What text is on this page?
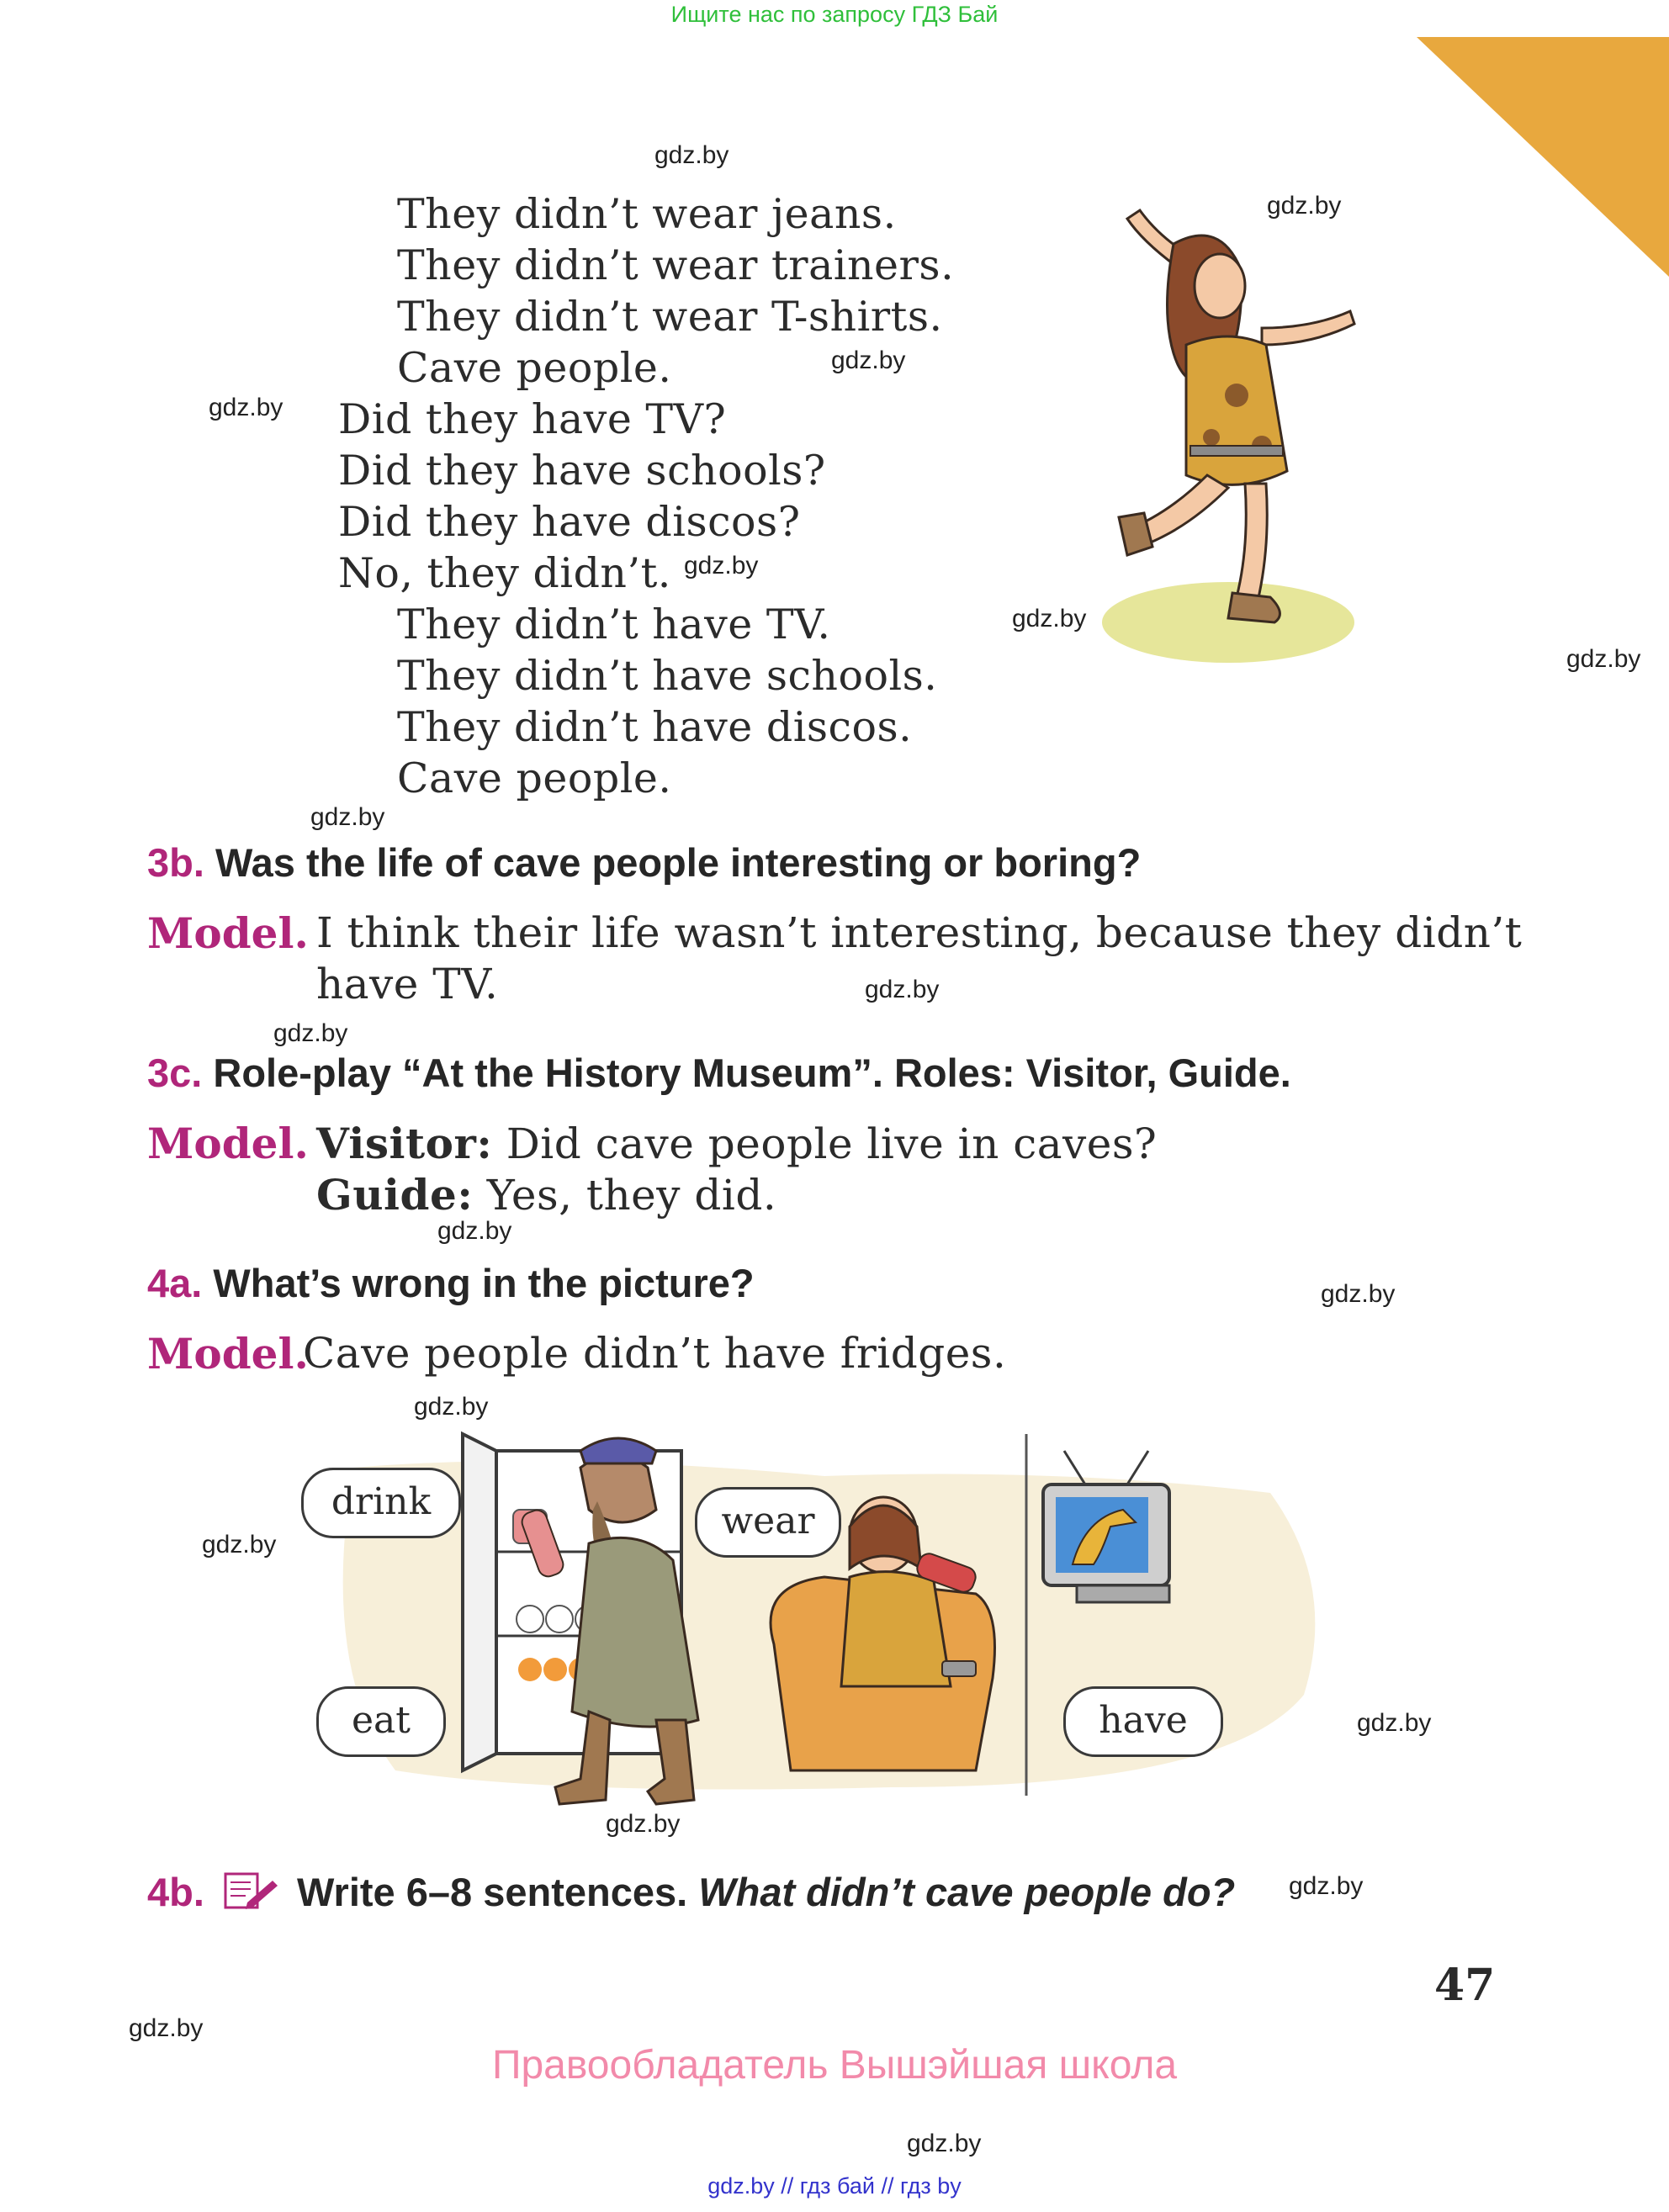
Ищите нас по запросу ГДЗ Бай
gdz.by
gdz.by
gdz.by
gdz.by
gdz.by
gdz.by
gdz.by
gdz.by
gdz.by
gdz.by
gdz.by
gdz.by
gdz.by
gdz.by
gdz.by
gdz.by
gdz.by
gdz.by
gdz.by
They didn’t wear jeans.
They didn’t wear trainers.
They didn’t wear T-shirts.
Cave people.
Did they have TV?
Did they have schools?
Did they have discos?
No, they didn’t.
They didn’t have TV.
They didn’t have schools.
They didn’t have discos.
Cave people.
3b. Was the life of cave people interesting or boring?
Model. I think their life wasn’t interesting, because they didn’t
have TV.
3c. Role-play “At the History Museum”. Roles: Visitor, Guide.
Model. Visitor: Did cave people live in caves?
Guide: Yes, they did.
4a. What’s wrong in the picture?
Model.
Cave people didn’t have fridges.
drink	wear
eat	have
4b. Write 6–8 sentences. What didn’t cave people do?
47
Правообладатель Вышэйшая школа
gdz.by // гдз бай // гдз by
